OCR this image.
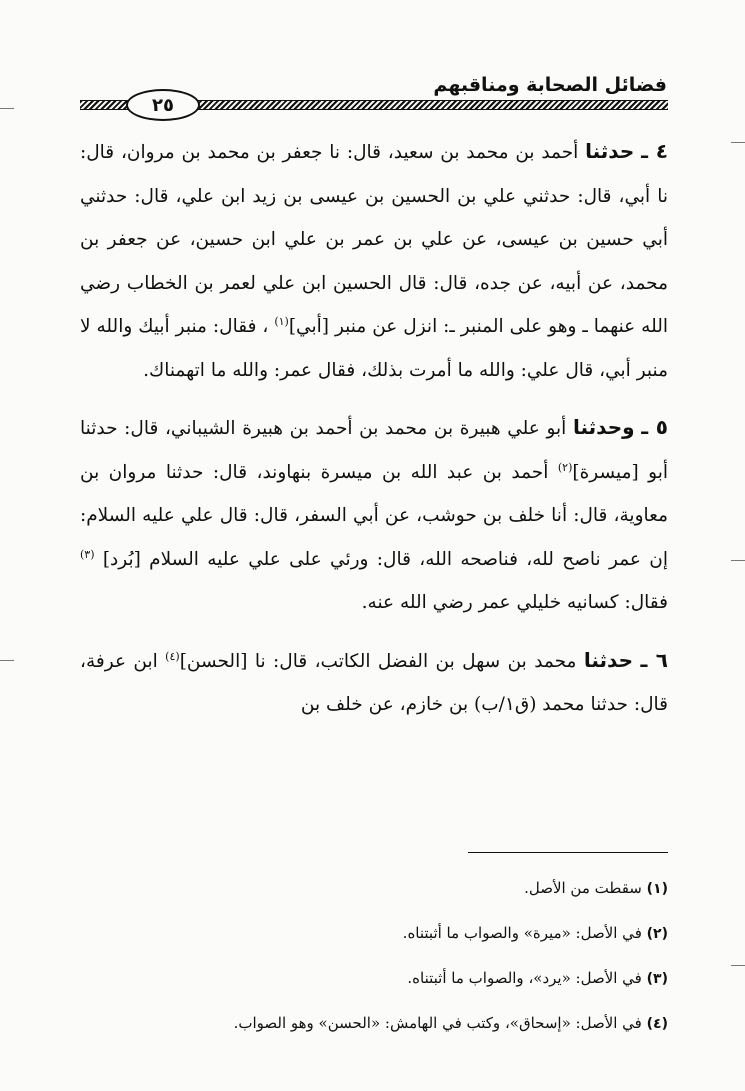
فضائل الصحابة ومناقبهم
٢٥

٤ ـ حدثنا أحمد بن محمد بن سعيد، قال: نا جعفر بن محمد بن مروان، قال: نا أبي، قال: حدثني علي بن الحسين بن عيسى بن زيد ابن علي، قال: حدثني أبي حسين بن عيسى، عن علي بن عمر بن علي ابن حسين، عن جعفر بن محمد، عن أبيه، عن جده، قال: قال الحسين ابن علي لعمر بن الخطاب رضي الله عنهما ـ وهو على المنبر ـ: انزل عن منبر [أبي]$^{(١)}$ ، فقال: منبر أبيك والله لا منبر أبي، قال علي: والله ما أمرت بذلك، فقال عمر: والله ما اتهمناك.

٥ ـ وحدثنا أبو علي هبيرة بن محمد بن أحمد بن هبيرة الشيباني، قال: حدثنا أبو [ميسرة]$^{(٢)}$ أحمد بن عبد الله بن ميسرة بنهاوند، قال: حدثنا مروان بن معاوية، قال: أنا خلف بن حوشب، عن أبي السفر، قال: قال علي عليه السلام: إن عمر ناصح لله، فناصحه الله، قال: ورئي على علي عليه السلام [بُرد] $^{(٣)}$ فقال: كسانيه خليلي عمر رضي الله عنه.

٦ ـ حدثنا محمد بن سهل بن الفضل الكاتب، قال: نا [الحسن]$^{(٤)}$ ابن عرفة، قال: حدثنا محمد (ق١/ب) بن خازم، عن خلف بن

(١) سقطت من الأصل.
(٢) في الأصل: «ميرة» والصواب ما أثبتناه.
(٣) في الأصل: «يرد»، والصواب ما أثبتناه.
(٤) في الأصل: «إسحاق»، وكتب في الهامش: «الحسن» وهو الصواب.
